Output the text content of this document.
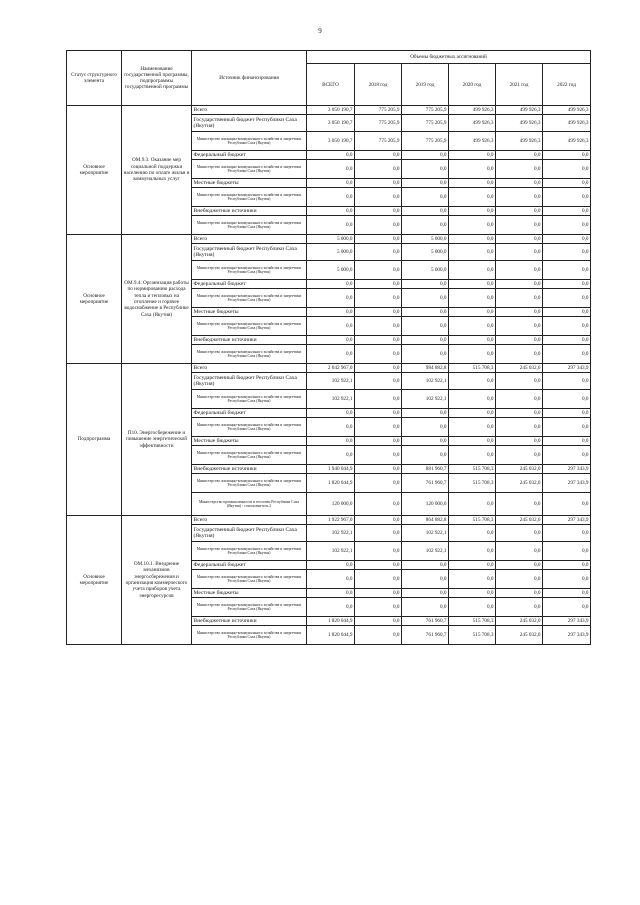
9
Статус структурного элемента	Наименование государственной программы, подпрограммы государственной программы	Источник финансирования	Объемы бюджетных ассигнований					
			ВСЕГО	2018 год	2019 год	2020 год	2021 год	2022 год
Основное мероприятие	ОМ.9.3. Оказание мер социальной поддержки населению по оплате жилья и коммунальных услуг	Всего	3 050 190,7	775 205,9	775 205,9	499 926,3	499 926,3	499 926,3
		Государственный бюджет Республики Саха (Якутия)	3 050 190,7	775 205,9	775 205,9	499 926,3	499 926,3	499 926,3
		Министерство жилищно-коммунального хозяйства и энергетики Республики Саха (Якутия)	3 050 190,7	775 205,9	775 205,9	499 926,3	499 926,3	499 926,3
		Федеральный бюджет	0,0	0,0	0,0	0,0	0,0	0,0
		Министерство жилищно-коммунального хозяйства и энергетики Республики Саха (Якутия)	0,0	0,0	0,0	0,0	0,0	0,0
		Местные бюджеты	0,0	0,0	0,0	0,0	0,0	0,0
		Министерство жилищно-коммунального хозяйства и энергетики Республики Саха (Якутия)	0,0	0,0	0,0	0,0	0,0	0,0
		Внебюджетные источники	0,0	0,0	0,0	0,0	0,0	0,0
		Министерство жилищно-коммунального хозяйства и энергетики Республики Саха (Якутия)	0,0	0,0	0,0	0,0	0,0	0,0
Основное мероприятие	ОМ.9.4. Организация работы по нормированию расхода тепла и тепловых на отопление и горячее водоснабжение в Республике Саха (Якутия)	Всего	5 000,0	0,0	5 000,0	0,0	0,0	0,0
		Государственный бюджет Республики Саха (Якутия)	5 000,0	0,0	5 000,0	0,0	0,0	0,0
		Министерство жилищно-коммунального хозяйства и энергетики Республики Саха (Якутия)	5 000,0	0,0	5 000,0	0,0	0,0	0,0
		Федеральный бюджет	0,0	0,0	0,0	0,0	0,0	0,0
		Министерство жилищно-коммунального хозяйства и энергетики Республики Саха (Якутия)	0,0	0,0	0,0	0,0	0,0	0,0
		Местные бюджеты	0,0	0,0	0,0	0,0	0,0	0,0
		Министерство жилищно-коммунального хозяйства и энергетики Республики Саха (Якутия)	0,0	0,0	0,0	0,0	0,0	0,0
		Внебюджетные источники	0,0	0,0	0,0	0,0	0,0	0,0
		Министерство жилищно-коммунального хозяйства и энергетики Республики Саха (Якутия)	0,0	0,0	0,0	0,0	0,0	0,0
Подпрограмма	П10. Энергосбережение и повышение энергетической эффективности	Всего	2 042 967,0	0,0	984 882,8	515 708,3	245 032,0	297 343,9
		Государственный бюджет Республики Саха (Якутия)	102 922,1	0,0	102 922,1	0,0	0,0	0,0
		Министерство жилищно-коммунального хозяйства и энергетики Республики Саха (Якутия)	102 922,1	0,0	102 922,1	0,0	0,0	0,0
		Федеральный бюджет	0,0	0,0	0,0	0,0	0,0	0,0
		Министерство жилищно-коммунального хозяйства и энергетики Республики Саха (Якутия)	0,0	0,0	0,0	0,0	0,0	0,0
		Местные бюджеты	0,0	0,0	0,0	0,0	0,0	0,0
		Министерство жилищно-коммунального хозяйства и энергетики Республики Саха (Якутия)	0,0	0,0	0,0	0,0	0,0	0,0
		Внебюджетные источники	1 940 044,9	0,0	881 960,7	515 708,3	245 032,0	297 343,9
		Министерство жилищно-коммунального хозяйства и энергетики Республики Саха (Якутия)	1 820 044,9	0,0	761 960,7	515 708,3	245 032,0	297 343,9
		Министерство промышленности и геологии Республики Саха (Якутия) - соисполнитель 2	120 000,0	0,0	120 000,0	0,0	0,0	0,0
Основное мероприятие	ОМ.10.1. Внедрение механизмов энергосбережения и организация коммерческого учета приборов учета энергоресурсов	Всего	1 922 967,0	0,0	864 882,8	515 708,3	245 032,0	297 343,9
		Государственный бюджет Республики Саха (Якутия)	102 922,1	0,0	102 922,1	0,0	0,0	0,0
		Министерство жилищно-коммунального хозяйства и энергетики Республики Саха (Якутия)	102 922,1	0,0	102 922,1	0,0	0,0	0,0
		Федеральный бюджет	0,0	0,0	0,0	0,0	0,0	0,0
		Министерство жилищно-коммунального хозяйства и энергетики Республики Саха (Якутия)	0,0	0,0	0,0	0,0	0,0	0,0
		Местные бюджеты	0,0	0,0	0,0	0,0	0,0	0,0
		Министерство жилищно-коммунального хозяйства и энергетики Республики Саха (Якутия)	0,0	0,0	0,0	0,0	0,0	0,0
		Внебюджетные источники	1 820 044,9	0,0	761 960,7	515 708,3	245 032,0	297 343,9
		Министерство жилищно-коммунального хозяйства и энергетики Республики Саха (Якутия)	1 820 044,9	0,0	761 960,7	515 708,3	245 032,0	297 343,9
